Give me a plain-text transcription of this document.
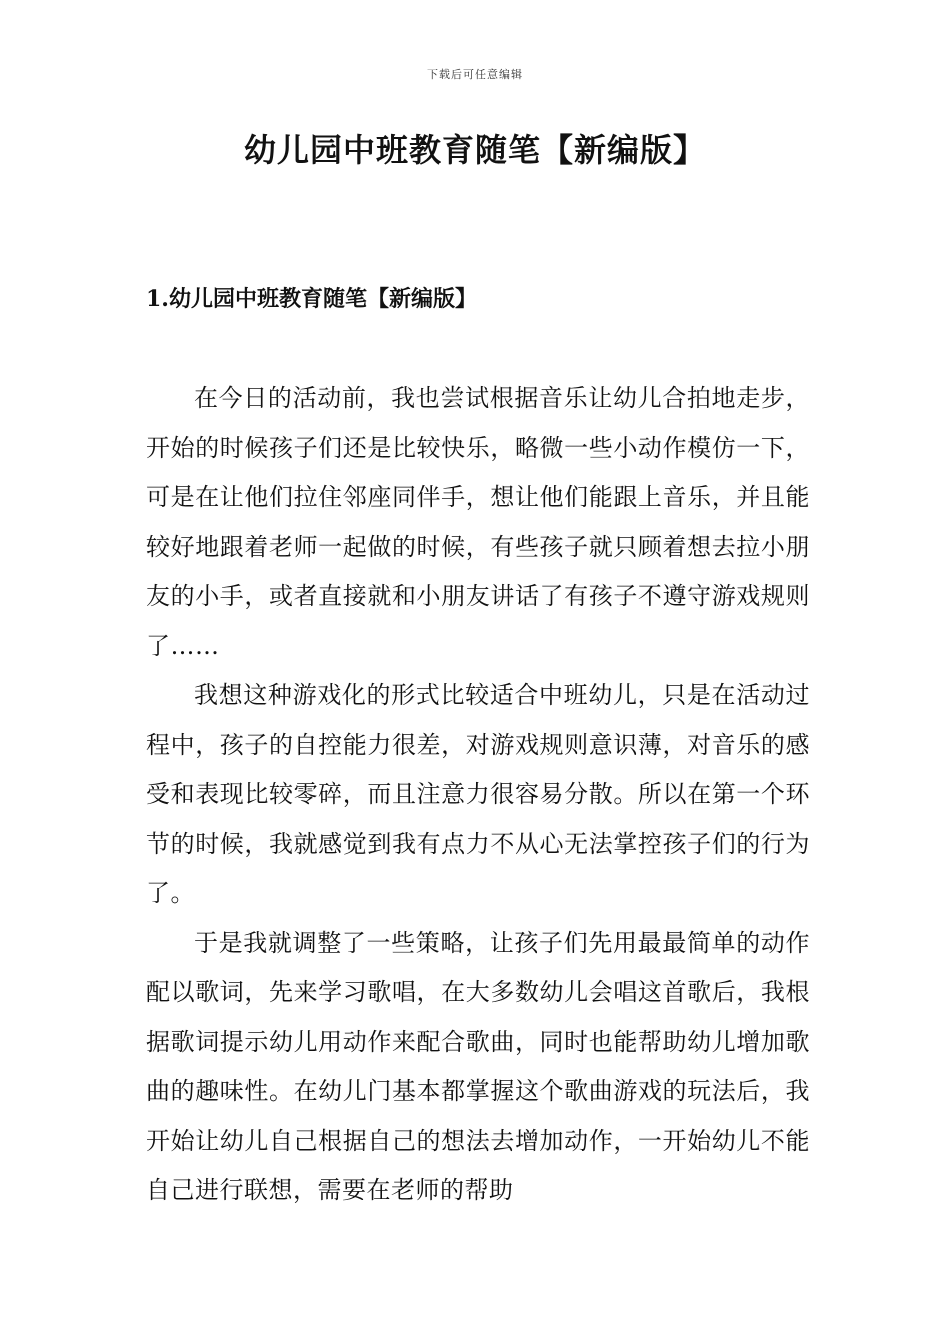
下载后可任意编辑
幼儿园中班教育随笔【新编版】
1.幼儿园中班教育随笔【新编版】

在今日的活动前，我也尝试根据音乐让幼儿合拍地走步，开始的时候孩子们还是比较快乐，略微一些小动作模仿一下，可是在让他们拉住邻座同伴手，想让他们能跟上音乐，并且能较好地跟着老师一起做的时候，有些孩子就只顾着想去拉小朋友的小手，或者直接就和小朋友讲话了有孩子不遵守游戏规则了……

我想这种游戏化的形式比较适合中班幼儿，只是在活动过程中，孩子的自控能力很差，对游戏规则意识薄，对音乐的感受和表现比较零碎，而且注意力很容易分散。所以在第一个环节的时候，我就感觉到我有点力不从心无法掌控孩子们的行为了。

于是我就调整了一些策略，让孩子们先用最最简单的动作配以歌词，先来学习歌唱，在大多数幼儿会唱这首歌后，我根据歌词提示幼儿用动作来配合歌曲，同时也能帮助幼儿增加歌曲的趣味性。在幼儿门基本都掌握这个歌曲游戏的玩法后，我开始让幼儿自己根据自己的想法去增加动作，一开始幼儿不能自己进行联想，需要在老师的帮助
